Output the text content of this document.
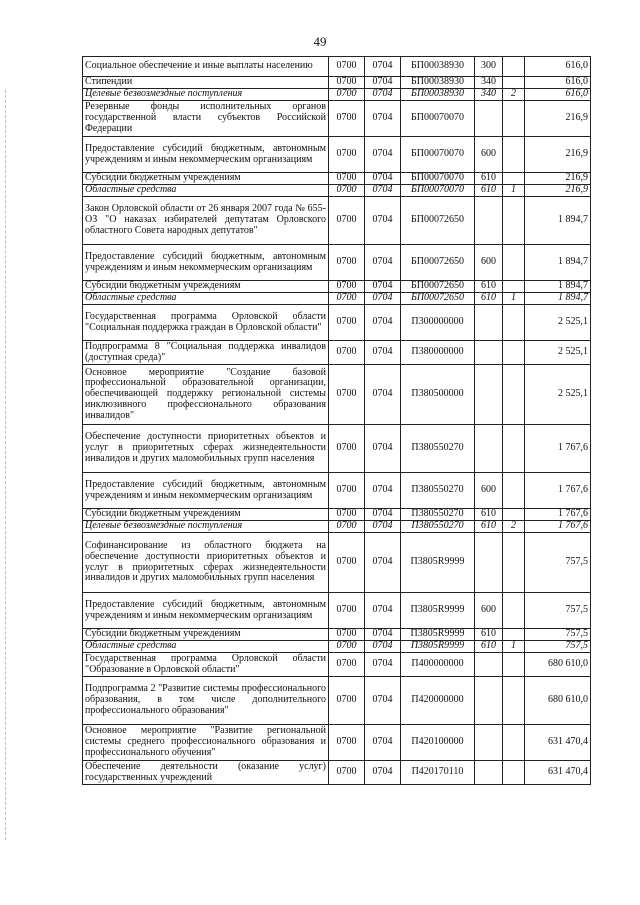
49
Социальное обеспечение и иные выплаты населению	0700	0704	БП00038930	300		616,0
Стипендии	0700	0704	БП00038930	340		616,0
Целевые безвозмездные поступления	0700	0704	БП00038930	340	2	616,0
Резервные фонды исполнительных органов государственной власти субъектов Российской Федерации	0700	0704	БП00070070			216,9
Предоставление субсидий бюджетным, автономным учреждениям и иным некоммерческим организациям	0700	0704	БП00070070	600		216,9
Субсидии бюджетным учреждениям	0700	0704	БП00070070	610		216,9
Областные средства	0700	0704	БП00070070	610	1	216,9
Закон Орловской области от 26 января 2007 года № 655-ОЗ "О наказах избирателей депутатам Орловского областного Совета народных депутатов"	0700	0704	БП00072650			1 894,7
Предоставление субсидий бюджетным, автономным учреждениям и иным некоммерческим организациям	0700	0704	БП00072650	600		1 894,7
Субсидии бюджетным учреждениям	0700	0704	БП00072650	610		1 894,7
Областные средства	0700	0704	БП00072650	610	1	1 894,7
Государственная программа Орловской области "Социальная поддержка граждан в Орловской области"	0700	0704	П300000000			2 525,1
Подпрограмма 8 "Социальная поддержка инвалидов (доступная среда)"	0700	0704	П380000000			2 525,1
Основное мероприятие "Создание базовой профессиональной образовательной организации, обеспечивающей поддержку региональной системы инклюзивного профессионального образования инвалидов"	0700	0704	П380500000			2 525,1
Обеспечение доступности приоритетных объектов и услуг в приоритетных сферах жизнедеятельности инвалидов и других маломобильных групп населения	0700	0704	П380550270			1 767,6
Предоставление субсидий бюджетным, автономным учреждениям и иным некоммерческим организациям	0700	0704	П380550270	600		1 767,6
Субсидии бюджетным учреждениям	0700	0704	П380550270	610		1 767,6
Целевые безвозмездные поступления	0700	0704	П380550270	610	2	1 767,6
Софинансирование из областного бюджета на обеспечение доступности приоритетных объектов и услуг в приоритетных сферах жизнедеятельности инвалидов и других маломобильных групп населения	0700	0704	П3805R9999			757,5
Предоставление субсидий бюджетным, автономным учреждениям и иным некоммерческим организациям	0700	0704	П3805R9999	600		757,5
Субсидии бюджетным учреждениям	0700	0704	П3805R9999	610		757,5
Областные средства	0700	0704	П3805R9999	610	1	757,5
Государственная программа Орловской области "Образование в Орловской области"	0700	0704	П400000000			680 610,0
Подпрограмма 2 "Развитие системы профессионального образования, в том числе дополнительного профессионального образования"	0700	0704	П420000000			680 610,0
Основное мероприятие "Развитие региональной системы среднего профессионального образования и профессионального обучения"	0700	0704	П420100000			631 470,4
Обеспечение деятельности (оказание услуг) государственных учреждений	0700	0704	П420170110			631 470,4
